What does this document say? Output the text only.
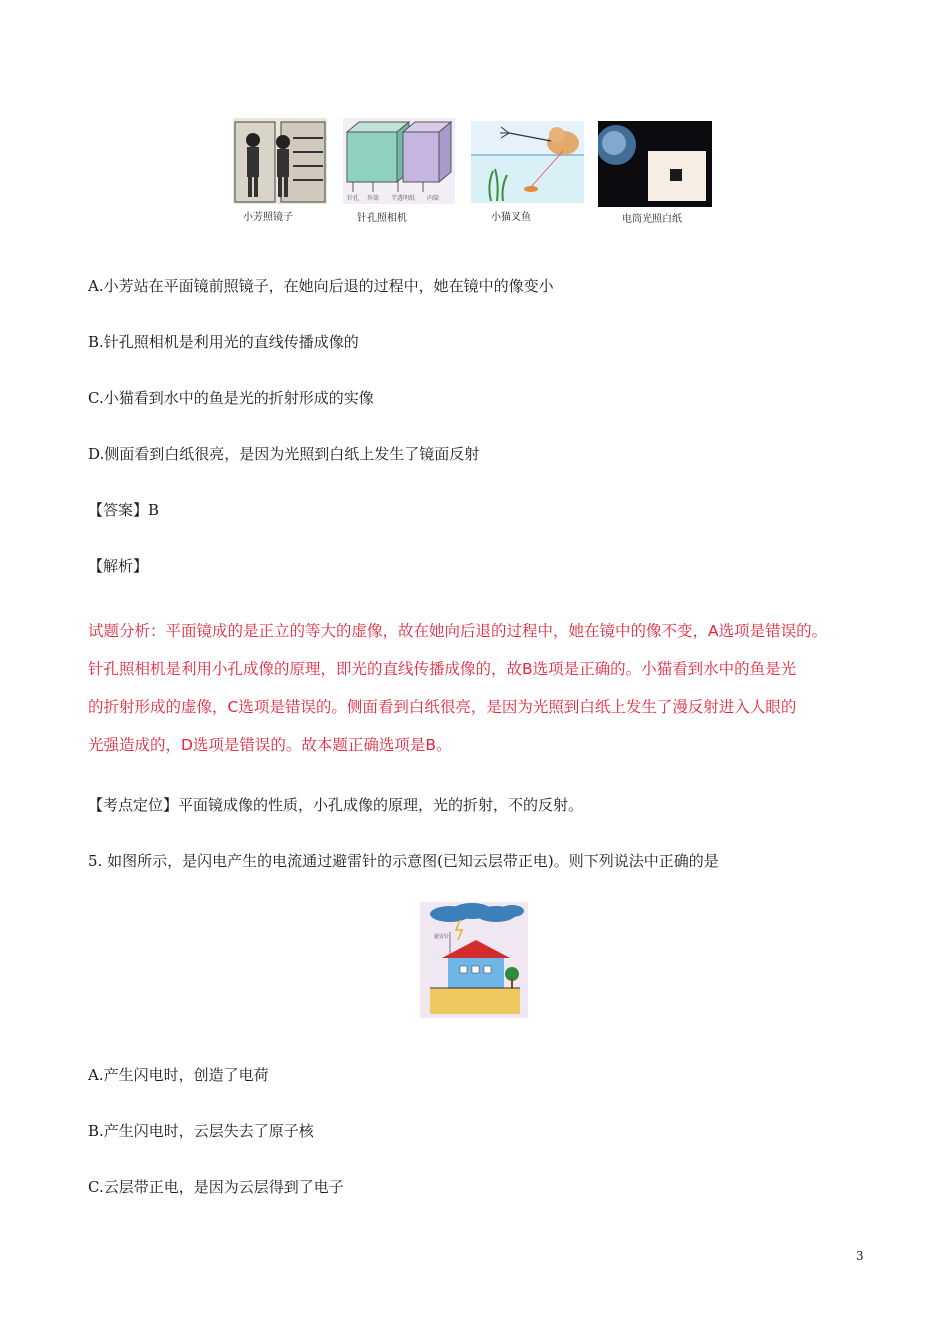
小芳照镜子
针孔 外筒 半透明纸 内筒
针孔照相机	小猫叉鱼	电筒光照白纸
A.小芳站在平面镜前照镜子，在她向后退的过程中，她在镜中的像变小
B.针孔照相机是利用光的直线传播成像的
C.小猫看到水中的鱼是光的折射形成的实像
D.侧面看到白纸很亮，是因为光照到白纸上发生了镜面反射
【答案】B
【解析】
试题分析：平面镜成的是正立的等大的虚像，故在她向后退的过程中，她在镜中的像不变，A选项是错误的。
针孔照相机是利用小孔成像的原理，即光的直线传播成像的，故B选项是正确的。小猫看到水中的鱼是光
的折射形成的虚像，C选项是错误的。侧面看到白纸很亮，是因为光照到白纸上发生了漫反射进入人眼的
光强造成的，D选项是错误的。故本题正确选项是B。
【考点定位】平面镜成像的性质，小孔成像的原理，光的折射，不的反射。
5. 如图所示，是闪电产生的电流通过避雷针的示意图(已知云层带正电)。则下列说法中正确的是
避雷针
A.产生闪电时，创造了电荷
B.产生闪电时，云层失去了原子核
C.云层带正电，是因为云层得到了电子
3
